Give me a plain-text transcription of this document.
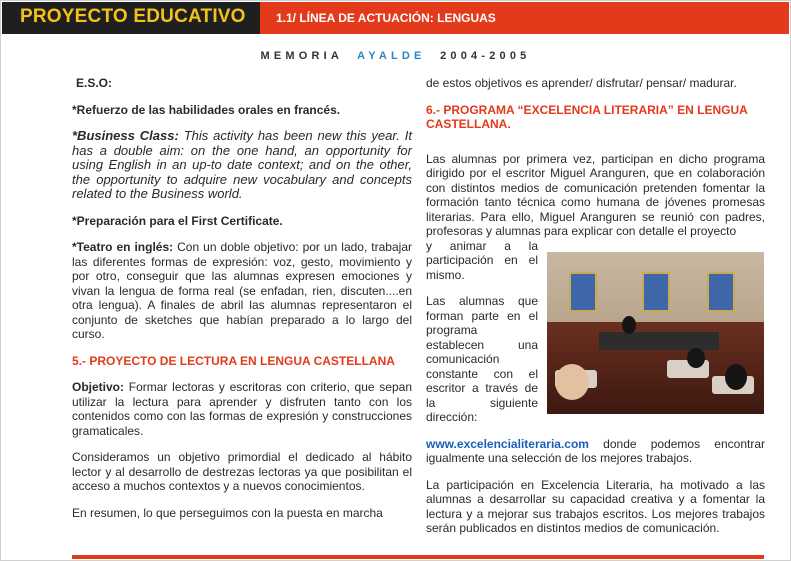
PROYECTO EDUCATIVO	1.1/ LÍNEA DE ACTUACIÓN: LENGUAS
MEMORIA AYALDE 2004-2005
E.S.O:
*Refuerzo de las habilidades orales en francés.
*Business Class: This activity has been new this year. It has a double aim: on the one hand, an opportunity for using English in an up-to date context; and on the other, the opportunity to adquire new vocabulary and concepts related to the Business world.
*Preparación para el First Certificate.
*Teatro en inglés: Con un doble objetivo: por un lado, trabajar las diferentes formas de expresión: voz, gesto, movimiento y por otro, conseguir que las alumnas expresen emociones y vivan la lengua de forma real (se enfadan, rien, discuten....en otra lengua). A finales de abril las alumnas representaron el conjunto de sketches que habían preparado a lo largo del curso.
5.- PROYECTO DE LECTURA EN LENGUA CASTELLANA
Objetivo: Formar lectoras y escritoras con criterio, que sepan utilizar la lectura para aprender y disfruten tanto con los contenidos como con las formas de expresión y construcciones gramaticales.
Consideramos un objetivo primordial el dedicado al hábito lector y al desarrollo de destrezas lectoras ya que posibilitan el acceso a muchos contextos y a nuevos conocimientos.
En resumen, lo que perseguimos con la puesta en marcha
de estos objetivos es aprender/ disfrutar/ pensar/ madurar.
6.- PROGRAMA “EXCELENCIA LITERARIA” EN LENGUA CASTELLANA.
Las alumnas por primera vez, participan en dicho programa dirigido por el escritor Miguel Aranguren, que en colaboración con distintos medios de comunicación pretenden fomentar la formación tanto técnica como humana de jóvenes promesas literarias. Para ello, Miguel Aranguren se reunió con padres, profesoras y alumnas para explicar con detalle el proyecto
y animar a la participación en el mismo.
Las alumnas que forman parte en el programa establecen una comunicación constante con el escritor a través de la siguiente dirección:
www.excelencialiteraria.com donde podemos encontrar igualmente una selección de los mejores trabajos.
La participación en Excelencia Literaria, ha motivado a las alumnas a desarrollar su capacidad creativa y a fomentar la lectura y a mejorar sus trabajos escritos. Los mejores trabajos serán publicados en distintos medios de comunicación.
